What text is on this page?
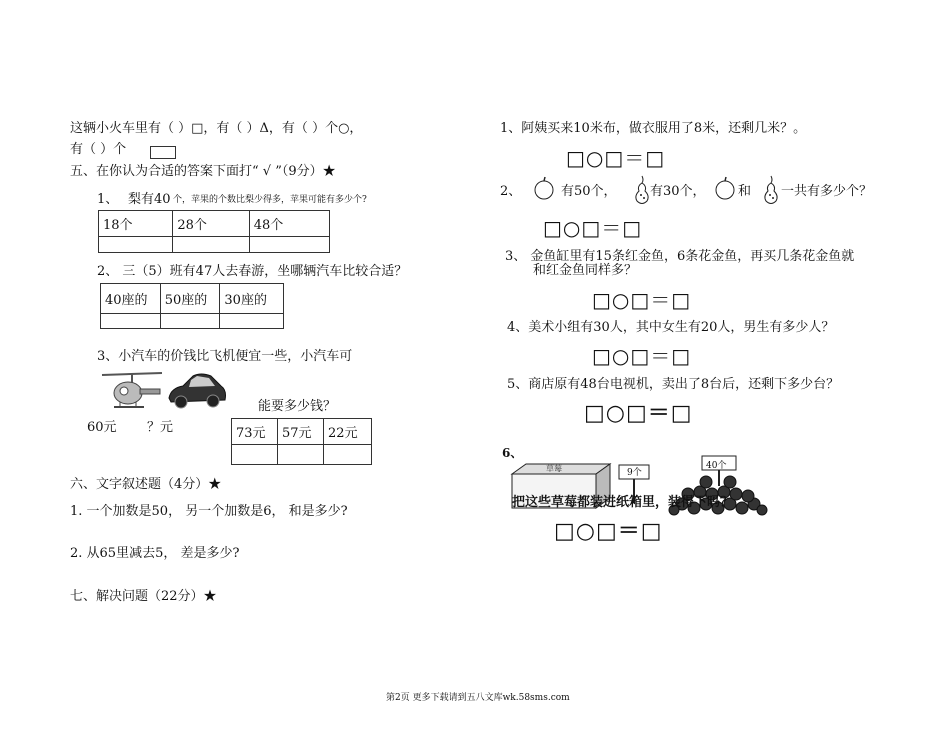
这辆小火车里有（ ）□，有（ ）Δ，有（ ）个○，
有（ ）个
五、在你认为合适的答案下面打“ √ ”（9分）★
1、 梨有40 个，苹果的个数比梨少得多，苹果可能有多少个?
18个	28个	48个

2、 三（5）班有47人去春游，坐哪辆汽车比较合适？
40座的	50座的	30座的

3、小汽车的价钱比飞机便宜一些，小汽车可
60元 ？元
能要多少钱？
73元	57元	22元

六、文字叙述题（4分）★
1. 一个加数是50， 另一个加数是6， 和是多少?
2. 从65里减去5， 差是多少?
七、解决问题（22分）★
1、阿姨买来10米布，做衣服用了8米，还剩几米？。
□○□＝□
2、	有50个，	有30个， 和 一共有多少个？
□○□＝□
3、 金鱼缸里有15条红金鱼，6条花金鱼，再买几条花金鱼就
和红金鱼同样多？
□○□＝□
4、美术小组有30人，其中女生有20人，男生有多少人？
□○□＝□
5、商店原有48台电视机，卖出了8台后，还剩下多少台？
□○□＝□
6、
草莓	9个
40个
把这些草莓都装进纸箱里，装得下吗？
□○□＝□
第2页 更多下载请到五八文库wk.58sms.com
